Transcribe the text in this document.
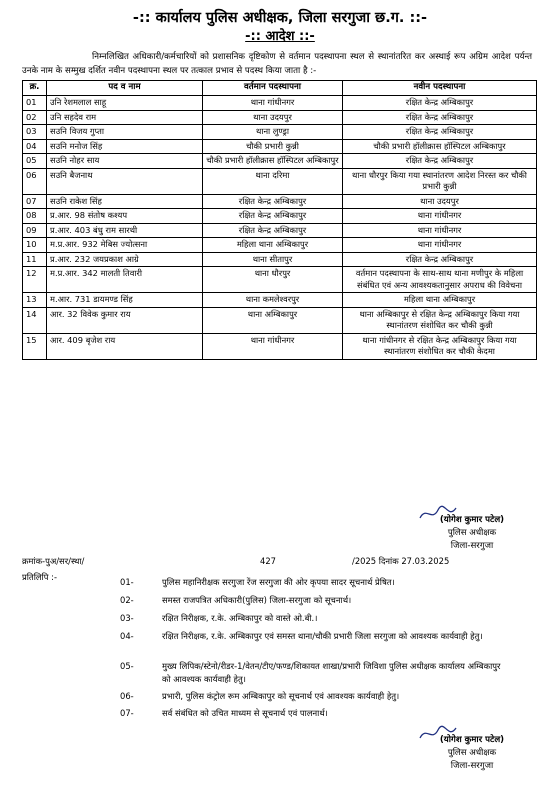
-:: कार्यालय पुलिस अधीक्षक, जिला सरगुजा छ.ग. ::-
-:: आदेश ::-
निम्नलिखित अधिकारी/कर्मचारियों को प्रशासनिक दृष्टिकोण से वर्तमान पदस्थापना स्थल से स्थानांतरित कर अस्थाई रूप अग्रिम आदेश पर्यन्त उनके नाम के सम्मुख दर्शित नवीन पदस्थापना स्थल पर तत्काल प्रभाव से पदस्थ किया जाता है :-
क्र.	पद व नाम	वर्तमान पदस्थापना	नवीन पदस्थापना
01	उनि रेशमलाल साहू	थाना गांधीनगर	रक्षित केन्द्र अम्बिकापुर
02	उनि सहदेव राम	थाना उदयपुर	रक्षित केन्द्र अम्बिकापुर
03	सउनि विजय गुप्ता	थाना लुण्ड्रा	रक्षित केन्द्र अम्बिकापुर
04	सउनि मनोज सिंह	चौकी प्रभारी कुन्नी	चौकी प्रभारी हॉलीक्रास हॉस्पिटल अम्बिकापुर
05	सउनि नोहर साय	चौकी प्रभारी हॉलीक्रास हॉस्पिटल अम्बिकापुर	रक्षित केन्द्र अम्बिकापुर
06	सउनि बैजनाथ	थाना दरिमा	थाना धौरपुर किया गया स्थानांतरण आदेश निरस्त कर चौकी प्रभारी कुन्नी
07	सउनि राकेश सिंह	रक्षित केन्द्र अम्बिकापुर	थाना उदयपुर
08	प्र.आर. 98 संतोष कश्यप	रक्षित केन्द्र अम्बिकापुर	थाना गांधीनगर
09	प्र.आर. 403 बंधु राम सारथी	रक्षित केन्द्र अम्बिकापुर	थाना गांधीनगर
10	म.प्र.आर. 932 मेबिस ज्योत्सना	महिला थाना अम्बिकापुर	थाना गांधीनगर
11	प्र.आर. 232 जयप्रकाश आग्रे	थाना सीतापुर	रक्षित केन्द्र अम्बिकापुर
12	म.प्र.आर. 342 मालती तिवारी	थाना धौरपुर	वर्तमान पदस्थापना के साथ-साथ थाना मणीपुर के महिला संबंधित एवं अन्य आवश्यकतानुसार अपराध की विवेचना
13	म.आर. 731 डायमण्ड सिंह	थाना कमलेश्वरपुर	महिला थाना अम्बिकापुर
14	आर. 32 विवेक कुमार राय	थाना अम्बिकापुर	थाना अम्बिकापुर से रक्षित केन्द्र अम्बिकापुर किया गया स्थानांतरण संशोधित कर चौकी कुन्नी
15	आर. 409 बृजेश राय	थाना गांधीनगर	थाना गांधीनगर से रक्षित केन्द्र अम्बिकापुर किया गया स्थानांतरण संशोधित कर चौकी केदमा
(योगेश कुमार पटेल)
पुलिस अधीक्षक
जिला-सरगुजा
क्रमांक-पुअ/सर/स्था/	427	/2025 दिनांक 27.03.2025
प्रतिलिपि :-	01-	पुलिस महानिरीक्षक सरगुजा रेंज सरगुजा की ओर कृपया सादर सूचनार्थ प्रेषित।
02-	समस्त राजपत्रित अधिकारी(पुलिस) जिला-सरगुजा को सूचनार्थ।
03-	रक्षित निरीक्षक, र.के. अम्बिकापुर को वास्ते ओ.बी.।
04-	रक्षित निरीक्षक, र.के. अम्बिकापुर एवं समस्त थाना/चौकी प्रभारी जिला सरगुजा को आवश्यक कार्यवाही हेतु।
05-	मुख्य लिपिक/स्टेनो/रीडर-1/वेतन/टीए/फण्ड/शिकायत शाखा/प्रभारी जिविशा पुलिस अधीक्षक कार्यालय अम्बिकापुर को आवश्यक कार्यवाही हेतु।
06-	प्रभारी, पुलिस कंट्रोल रूम अम्बिकापुर को सूचनार्थ एवं आवश्यक कार्यवाही हेतु।
07-	सर्व संबंधित को उचित माध्यम से सूचनार्थ एवं पालनार्थ।
(योगेश कुमार पटेल)
पुलिस अधीक्षक
जिला-सरगुजा
